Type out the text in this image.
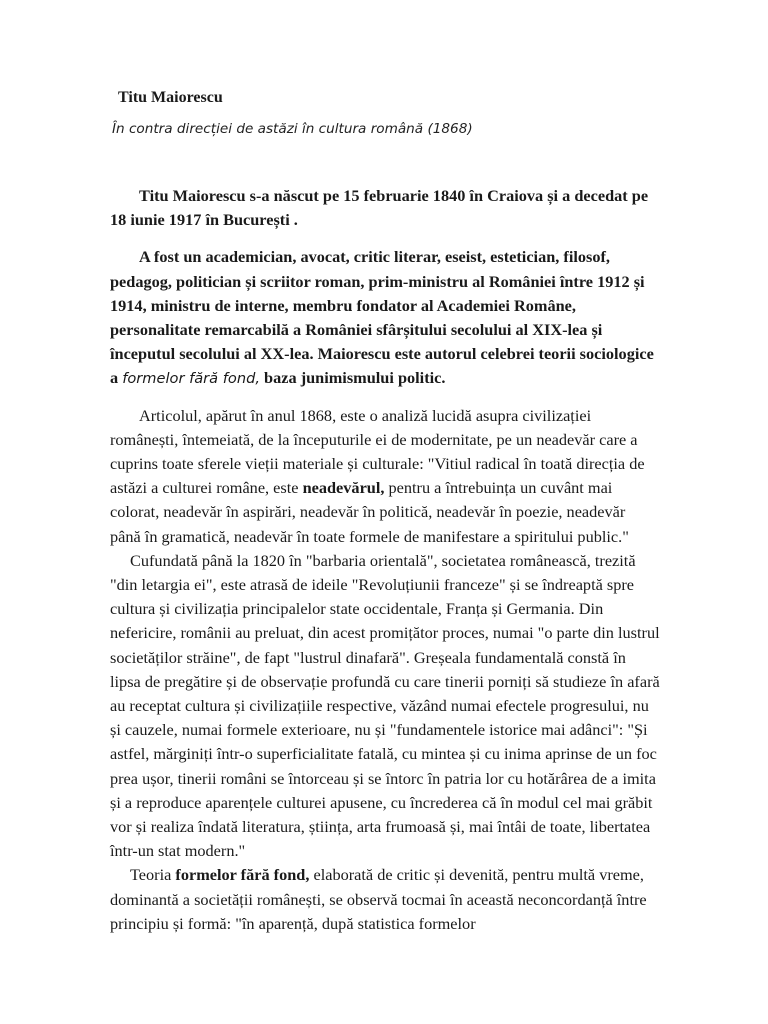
Titu Maiorescu

În contra direcției de astăzi în cultura română (1868)

Titu Maiorescu s-a născut pe 15 februarie 1840 în Craiova și a decedat pe 18 iunie 1917 în București .

A fost un academician, avocat, critic literar, eseist, estetician, filosof, pedagog, politician și scriitor roman, prim-ministru al României între 1912 și 1914, ministru de interne, membru fondator al Academiei Române, personalitate remarcabilă a României sfârșitului secolului al XIX-lea și începutul secolului al XX-lea. Maiorescu este autorul celebrei teorii sociologice a formelor fără fond, baza junimismului politic.

Articolul, apărut în anul 1868, este o analiză lucidă asupra civilizației românești, întemeiată, de la începuturile ei de modernitate, pe un neadevăr care a cuprins toate sferele vieții materiale și culturale: "Vitiul radical în toată direcția de astăzi a culturei române, este neadevărul, pentru a întrebuința un cuvânt mai colorat, neadevăr în aspirări, neadevăr în politică, neadevăr în poezie, neadevăr până în gramatică, neadevăr în toate formele de manifestare a spiritului public."

Cufundată până la 1820 în "barbaria orientală", societatea românească, trezită "din letargia ei", este atrasă de ideile "Revoluțiunii franceze" și se îndreaptă spre cultura și civilizația principalelor state occidentale, Franța și Germania. Din nefericire, românii au preluat, din acest promițător proces, numai "o parte din lustrul societăților străine", de fapt "lustrul dinafară". Greșeala fundamentală constă în lipsa de pregătire și de observație profundă cu care tinerii porniți să studieze în afară au receptat cultura și civilizațiile respective, văzând numai efectele progresului, nu și cauzele, numai formele exterioare, nu și "fundamentele istorice mai adânci": "Și astfel, mărginiți într-o superficialitate fatală, cu mintea și cu inima aprinse de un foc prea ușor, tinerii români se întorceau și se întorc în patria lor cu hotărârea de a imita și a reproduce aparențele culturei apusene, cu încrederea că în modul cel mai grăbit vor și realiza îndată literatura, știința, arta frumoasă și, mai întâi de toate, libertatea într-un stat modern."

Teoria formelor fără fond, elaborată de critic și devenită, pentru multă vreme, dominantă a societății românești, se observă tocmai în această neconcordanță între principiu și formă: "în aparență, după statistica formelor
